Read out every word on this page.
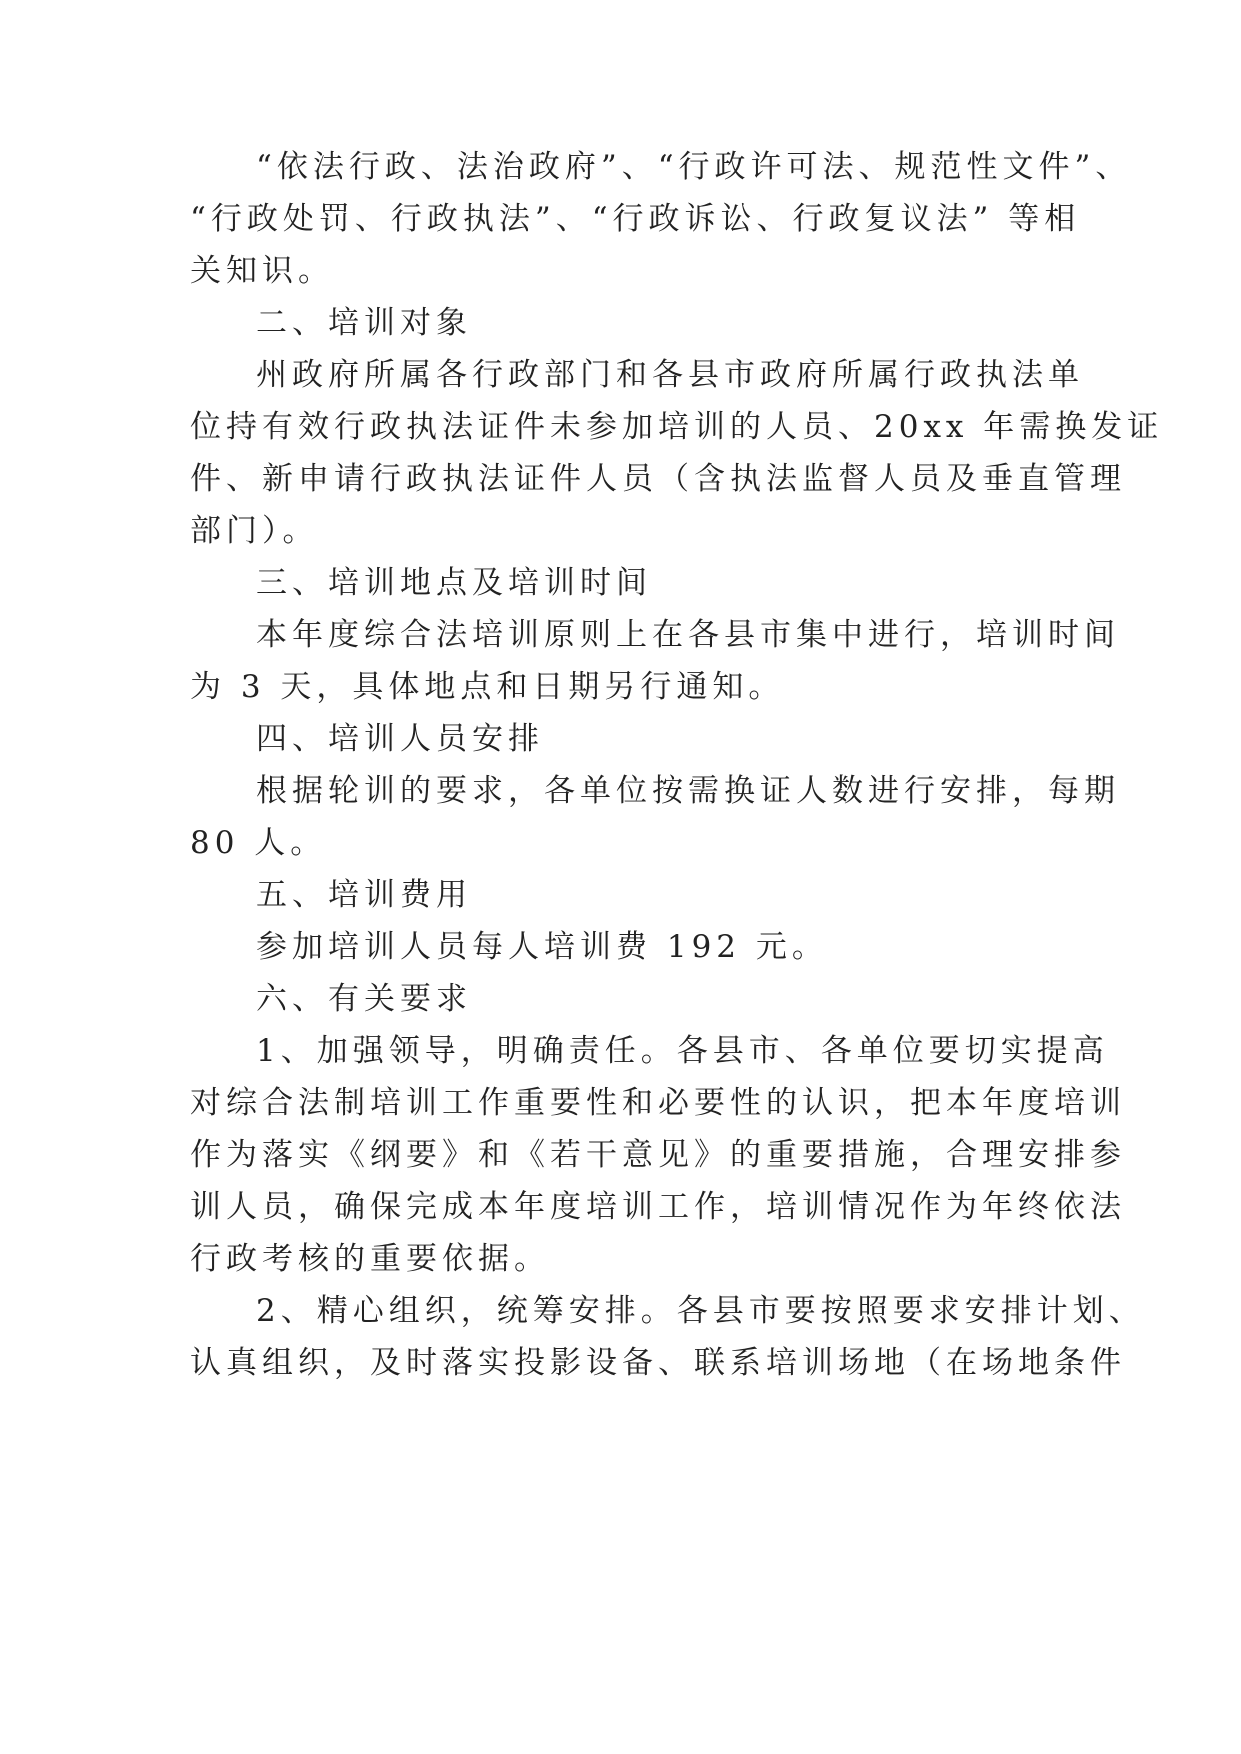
“依法行政、法治政府”、“行政许可法、规范性文件”、
“行政处罚、行政执法”、“行政诉讼、行政复议法” 等相
关知识。
二、培训对象
州政府所属各行政部门和各县市政府所属行政执法单
位持有效行政执法证件未参加培训的人员、20xx 年需换发证
件、新申请行政执法证件人员（含执法监督人员及垂直管理
部门）。
三、培训地点及培训时间
本年度综合法培训原则上在各县市集中进行，培训时间
为 3 天，具体地点和日期另行通知。
四、培训人员安排
根据轮训的要求，各单位按需换证人数进行安排，每期
80 人。
五、培训费用
参加培训人员每人培训费 192 元。
六、有关要求
1、加强领导，明确责任。各县市、各单位要切实提高
对综合法制培训工作重要性和必要性的认识，把本年度培训
作为落实《纲要》和《若干意见》的重要措施，合理安排参
训人员，确保完成本年度培训工作，培训情况作为年终依法
行政考核的重要依据。
2、精心组织，统筹安排。各县市要按照要求安排计划、
认真组织，及时落实投影设备、联系培训场地（在场地条件
